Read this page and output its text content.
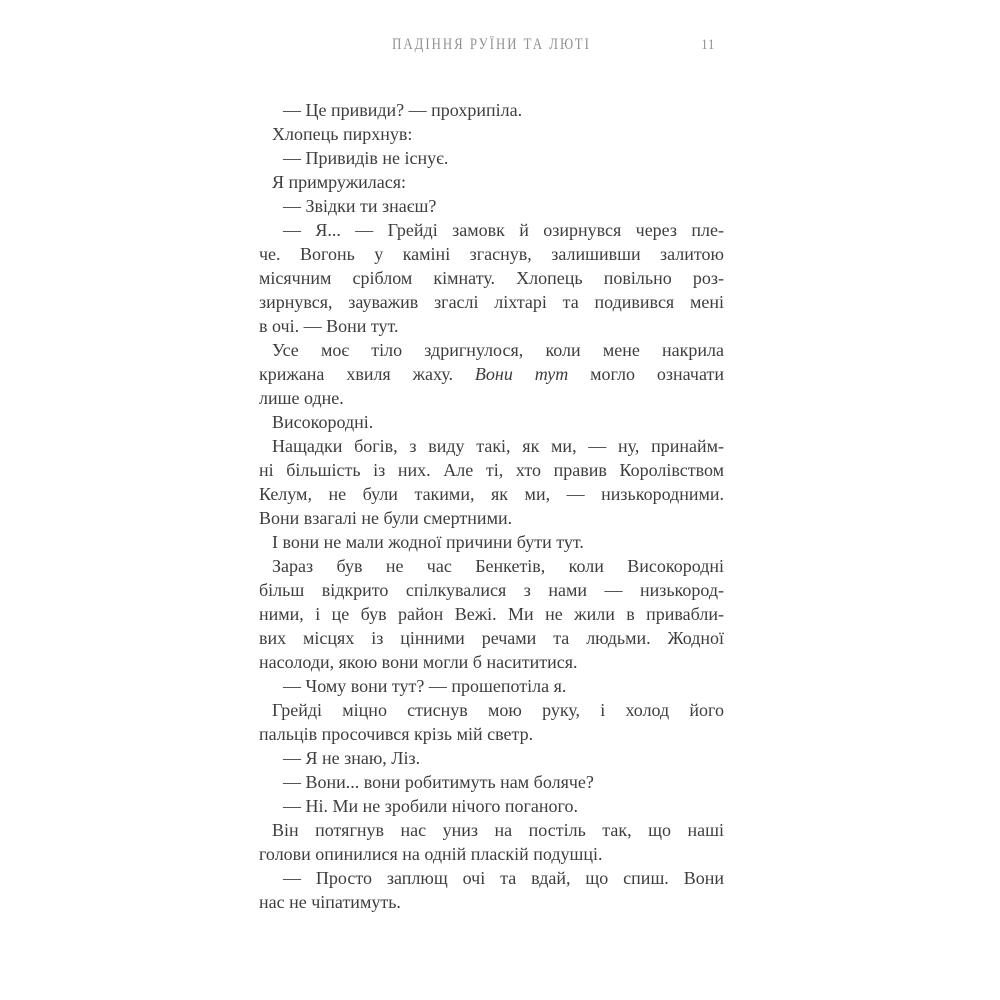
ПАДІННЯ РУЇНИ ТА ЛЮТІ	11
— Це привиди? — прохрипіла.
Хлопець пирхнув:
— Привидів не існує.
Я примружилася:
— Звідки ти знаєш?
— Я... — Грейді замовк й озирнувся через пле-
че. Вогонь у каміні згаснув, залишивши залитою
місячним сріблом кімнату. Хлопець повільно роз-
зирнувся, зауважив згаслі ліхтарі та подивився мені
в очі. — Вони тут.
Усе моє тіло здригнулося, коли мене накрила
крижана хвиля жаху. Вони тут могло означати
лише одне.
Високородні.
Нащадки богів, з виду такі, як ми, — ну, принайм-
ні більшість із них. Але ті, хто правив Королівством
Келум, не були такими, як ми, — низькородними.
Вони взагалі не були смертними.
І вони не мали жодної причини бути тут.
Зараз був не час Бенкетів, коли Високородні
більш відкрито спілкувалися з нами — низькород-
ними, і це був район Вежі. Ми не жили в привабли-
вих місцях із цінними речами та людьми. Жодної
насолоди, якою вони могли б насититися.
— Чому вони тут? — прошепотіла я.
Грейді міцно стиснув мою руку, і холод його
пальців просочився крізь мій светр.
— Я не знаю, Ліз.
— Вони... вони робитимуть нам боляче?
— Ні. Ми не зробили нічого поганого.
Він потягнув нас униз на постіль так, що наші
голови опинилися на одній пласкій подушці.
— Просто заплющ очі та вдай, що спиш. Вони
нас не чіпатимуть.
